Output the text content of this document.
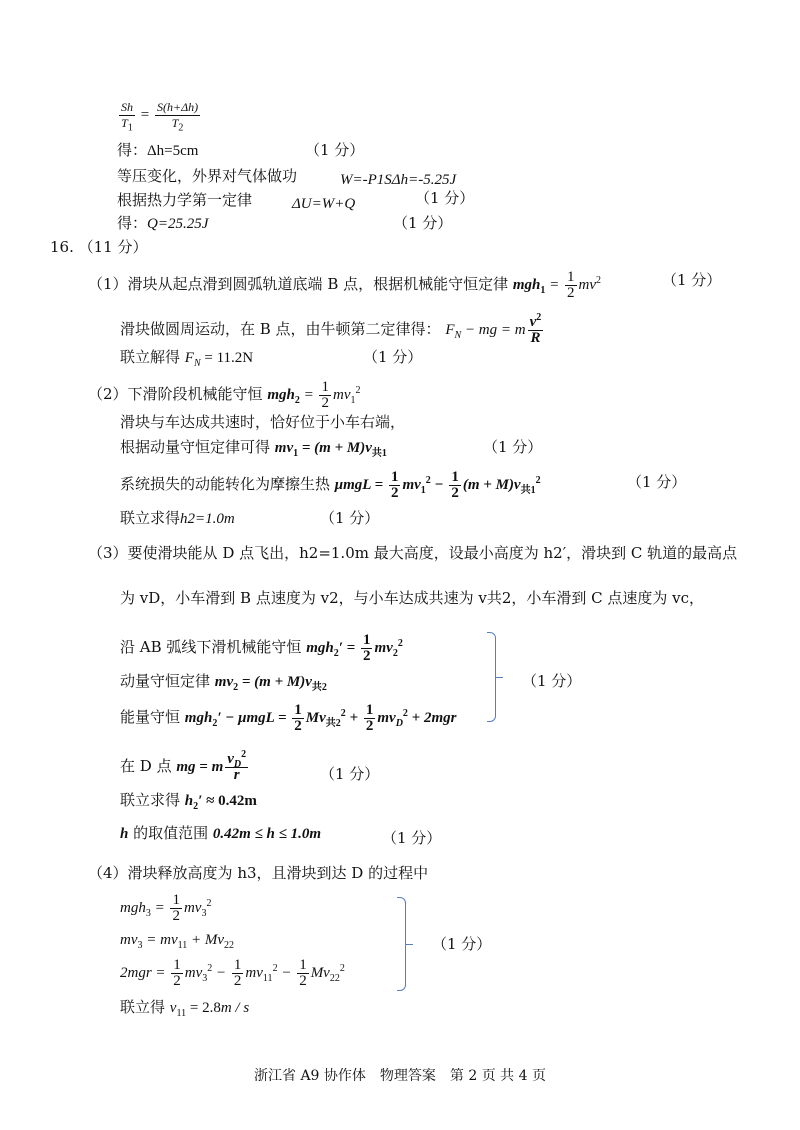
$\frac{Sh}{T_1} = \frac{S(h+\Delta h)}{T_2}$
得：Δh=5cm	（1 分）
等压变化，外界对气体做功	W=-P1SΔh=-5.25J
根据热力学第一定律	ΔU=W+Q	（1 分）
得：Q=25.25J	（1 分）
16. （11 分）
（1）滑块从起点滑到圆弧轨道底端 B 点，根据机械能守恒定律 $mgh_1 = \frac{1}{2} mv^2$	（1 分）
滑块做圆周运动，在 B 点，由牛顿第二定律得： $F_N$ − mg = m $\frac{v^2}{R}$
联立解得 $F_N = 11.2N$	（1 分）
（2）下滑阶段机械能守恒 $mgh_2 = \frac{1}{2} mv_1^2$
滑块与车达成共速时，恰好位于小车右端，
根据动量守恒定律可得 $mv_1 = (m + M)v_{共1}$	（1 分）
系统损失的动能转化为摩擦生热 $\mu mgL = \frac{1}{2} mv_1^2 - \frac{1}{2} (m + M)v_{共1}^2$	（1 分）
联立求得h2=1.0m	（1 分）
（3）要使滑块能从 D 点飞出，h2=1.0m 最大高度，设最小高度为 h2′，滑块到 C 轨道的最高点
为 vD，小车滑到 B 点速度为 v2，与小车达成共速为 v共2，小车滑到 C 点速度为 vc，
沿 AB 弧线下滑机械能守恒 $mgh_2' = \frac{1}{2} mv_2^2$
动量守恒定律 $mv_2 = (m + M)v_{共2}$
能量守恒 $mgh_2' - \mu mgL = \frac{1}{2} Mv_{共2}^2 + \frac{1}{2} mv_D^2 + 2mgr$
（1 分）
在 D 点 mg = m $\frac{v_D^2}{r}$	（1 分）
联立求得 $h_2' \approx 0.42m$
h 的取值范围 0.42m ≤ h ≤ 1.0m	（1 分）
（4）滑块释放高度为 h3，且滑块到达 D 的过程中
$mgh_3 = \frac{1}{2} mv_3^2$
$mv_3 = mv_{11} + Mv_{22}$
$2mgr = \frac{1}{2} mv_3^2 - \frac{1}{2} mv_{11}^2 - \frac{1}{2} Mv_{22}^2$
（1 分）
联立得 $v_{11} = 2.8m / s$
浙江省 A9 协作体　物理答案　第 2 页 共 4 页
